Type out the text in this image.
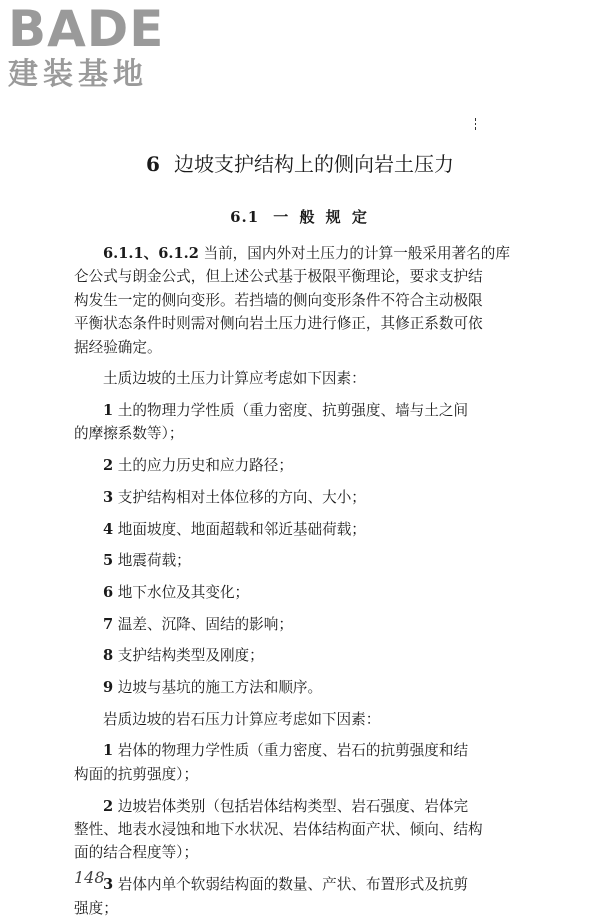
BADE
建装基地
6 边坡支护结构上的侧向岩土压力
6.1 一 般 规 定

6.1.1、6.1.2 当前，国内外对土压力的计算一般采用著名的库
仑公式与朗金公式，但上述公式基于极限平衡理论，要求支护结
构发生一定的侧向变形。若挡墙的侧向变形条件不符合主动极限
平衡状态条件时则需对侧向岩土压力进行修正，其修正系数可依
据经验确定。

土质边坡的土压力计算应考虑如下因素：

1 土的物理力学性质（重力密度、抗剪强度、墙与土之间
的摩擦系数等）；

2 土的应力历史和应力路径；

3 支护结构相对土体位移的方向、大小；

4 地面坡度、地面超载和邻近基础荷载；

5 地震荷载；

6 地下水位及其变化；

7 温差、沉降、固结的影响；

8 支护结构类型及刚度；

9 边坡与基坑的施工方法和顺序。

岩质边坡的岩石压力计算应考虑如下因素：

1 岩体的物理力学性质（重力密度、岩石的抗剪强度和结
构面的抗剪强度）；

2 边坡岩体类别（包括岩体结构类型、岩石强度、岩体完
整性、地表水浸蚀和地下水状况、岩体结构面产状、倾向、结构
面的结合程度等）；

3 岩体内单个软弱结构面的数量、产状、布置形式及抗剪
强度；

148
